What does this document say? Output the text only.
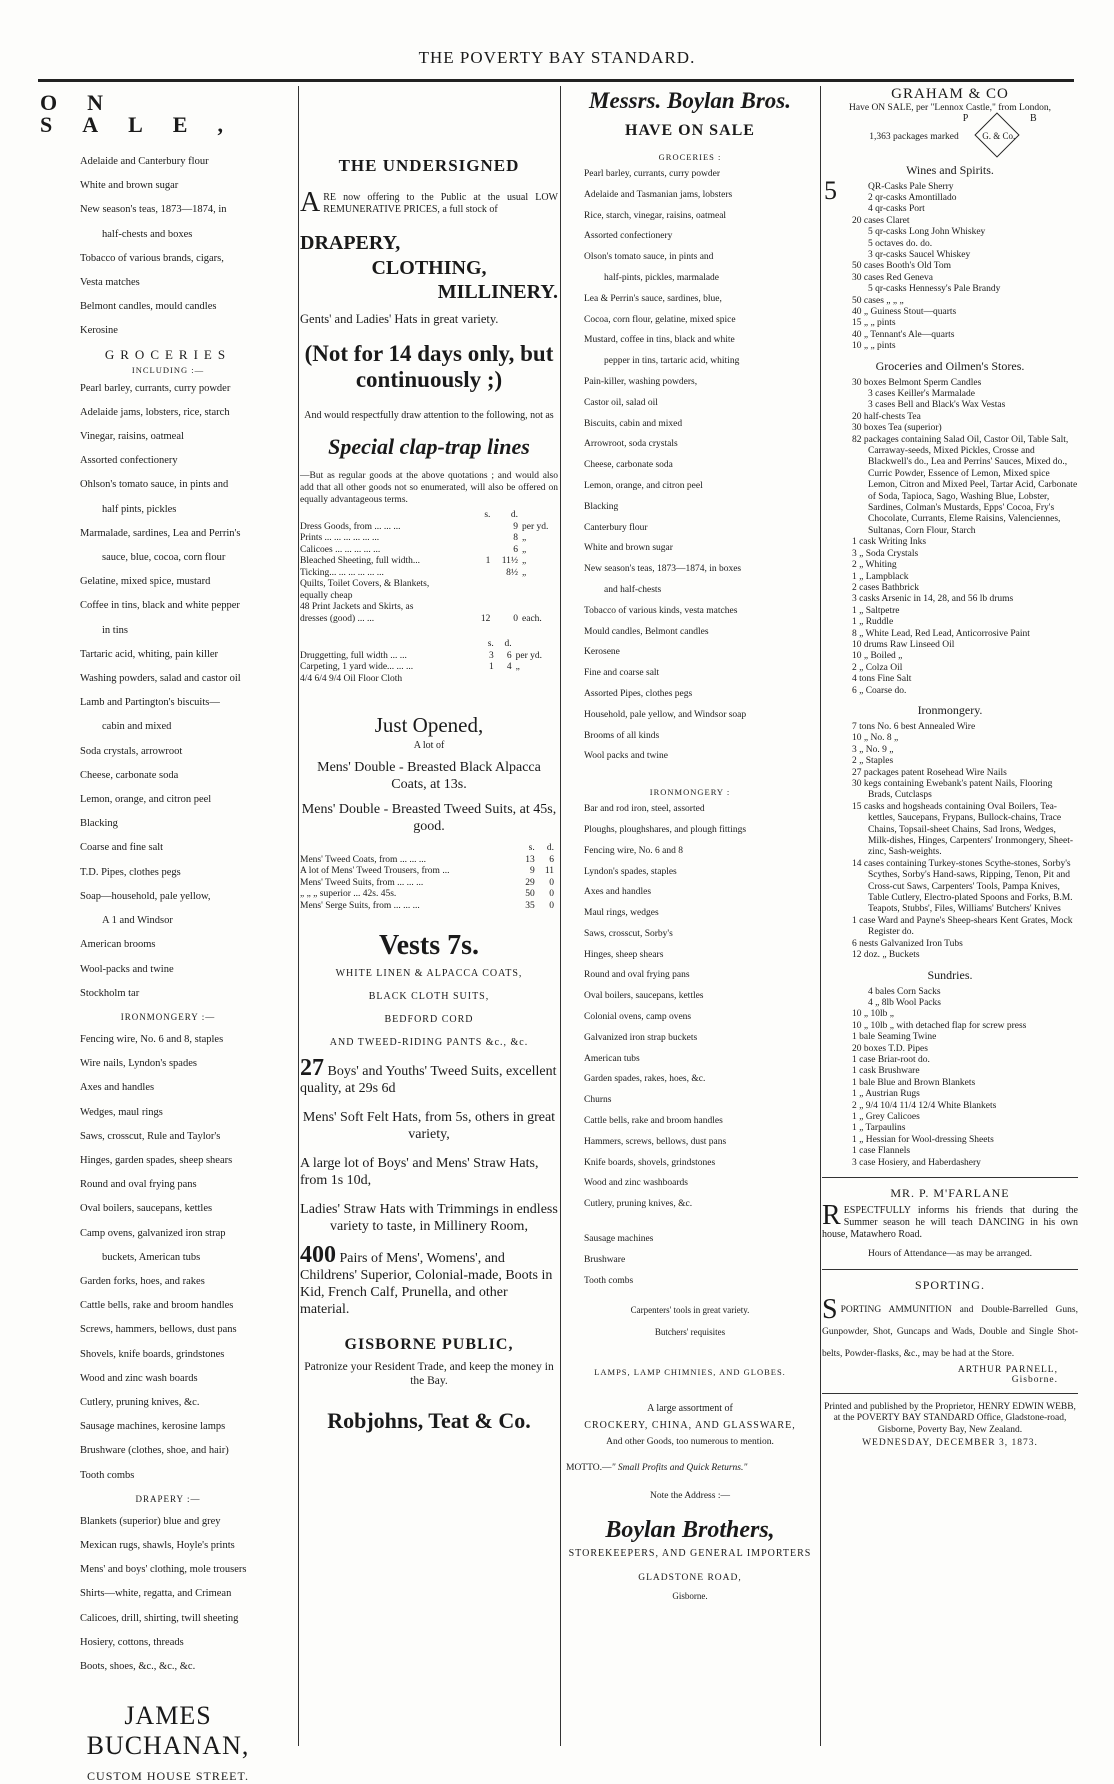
THE POVERTY BAY STANDARD.
ON SALE,
Adelaide and Canterbury flour
White and brown sugar
New season's teas, 1873—1874, in
half-chests and boxes
Tobacco of various brands, cigars,
Vesta matches
Belmont candles, mould candles
Kerosine
GROCERIES
INCLUDING :—
Pearl barley, currants, curry powder
Adelaide jams, lobsters, rice, starch
Vinegar, raisins, oatmeal
Assorted confectionery
Ohlson's tomato sauce, in pints and
half pints, pickles
Marmalade, sardines, Lea and Perrin's
sauce, blue, cocoa, corn flour
Gelatine, mixed spice, mustard
Coffee in tins, black and white pepper
in tins
Tartaric acid, whiting, pain killer
Washing powders, salad and castor oil
Lamb and Partington's biscuits—
cabin and mixed
Soda crystals, arrowroot
Cheese, carbonate soda
Lemon, orange, and citron peel
Blacking
Coarse and fine salt
T.D. Pipes, clothes pegs
Soap—household, pale yellow,
A 1 and Windsor
American brooms
Wool-packs and twine
Stockholm tar
IRONMONGERY :—
Fencing wire, No. 6 and 8, staples
Wire nails, Lyndon's spades
Axes and handles
Wedges, maul rings
Saws, crosscut, Rule and Taylor's
Hinges, garden spades, sheep shears
Round and oval frying pans
Oval boilers, saucepans, kettles
Camp ovens, galvanized iron strap
buckets, American tubs
Garden forks, hoes, and rakes
Cattle bells, rake and broom handles
Screws, hammers, bellows, dust pans
Shovels, knife boards, grindstones
Wood and zinc wash boards
Cutlery, pruning knives, &c.
Sausage machines, kerosine lamps
Brushware (clothes, shoe, and hair)
Tooth combs
DRAPERY :—
Blankets (superior) blue and grey
Mexican rugs, shawls, Hoyle's prints
Mens' and boys' clothing, mole trousers
Shirts—white, regatta, and Crimean
Calicoes, drill, shirting, twill sheeting
Hosiery, cottons, threads
Boots, shoes, &c., &c., &c.
JAMES BUCHANAN,
CUSTOM HOUSE STREET.
THE UNDERSIGNED
ARE now offering to the Public at the usual LOW REMUNERATIVE PRICES, a full stock of
DRAPERY,
CLOTHING,
MILLINERY.
Gents' and Ladies' Hats in great variety.
(Not for 14 days only, but continuously ;)
And would respectfully draw attention to the following, not as
Special clap-trap lines
—But as regular goods at the above quotations ; and would also add that all other goods not so enumerated, will also be offered on equally advantageous terms.
	s.	d.	
Dress Goods, from ... ... ...		9	per yd.
Prints ... ... ... ... ... ...		8	„
Calicoes ... ... ... ... ...		6	„
Bleached Sheeting, full width...	1	11½	„
Ticking... ... ... ... ... ...		8½	„
Quilts, Toilet Covers, & Blankets,			
equally cheap			
48 Print Jackets and Skirts, as			
dresses (good) ... ...	12	0	each.
	s.	d.	
Druggetting, full width ... ...	3	6	per yd.
Carpeting, 1 yard wide... ... ...	1	4	„
4/4 6/4 9/4 Oil Floor Cloth			
Just Opened,
A lot of
Mens' Double - Breasted Black Alpacca Coats, at 13s.
Mens' Double - Breasted Tweed Suits, at 45s, good.
	s.	d.
Mens' Tweed Coats, from ... ... ...	13	6
A lot of Mens' Tweed Trousers, from ...	9	11
Mens' Tweed Suits, from ... ... ...	29	0
„ „ „ superior ... 42s. 45s.	50	0
Mens' Serge Suits, from ... ... ...	35	0
Vests 7s.
WHITE LINEN & ALPACCA COATS,
BLACK CLOTH SUITS,
BEDFORD CORD
AND TWEED-RIDING PANTS &c., &c.
27 Boys' and Youths' Tweed Suits, excellent quality, at 29s 6d
Mens' Soft Felt Hats, from 5s, others in great variety,
A large lot of Boys' and Mens' Straw Hats, from 1s 10d,
Ladies' Straw Hats with Trimmings in endless variety to taste, in Millinery Room,
400 Pairs of Mens', Womens', and Childrens' Superior, Colonial-made, Boots in Kid, French Calf, Prunella, and other material.
GISBORNE PUBLIC,
Patronize your Resident Trade, and keep the money in the Bay.
Robjohns, Teat & Co.
Messrs. Boylan Bros.
HAVE ON SALE
GROCERIES :
Pearl barley, currants, curry powder
Adelaide and Tasmanian jams, lobsters
Rice, starch, vinegar, raisins, oatmeal
Assorted confectionery
Olson's tomato sauce, in pints and
half-pints, pickles, marmalade
Lea & Perrin's sauce, sardines, blue,
Cocoa, corn flour, gelatine, mixed spice
Mustard, coffee in tins, black and white
pepper in tins, tartaric acid, whiting
Pain-killer, washing powders,
Castor oil, salad oil
Biscuits, cabin and mixed
Arrowroot, soda crystals
Cheese, carbonate soda
Lemon, orange, and citron peel
Blacking
Canterbury flour
White and brown sugar
New season's teas, 1873—1874, in boxes
and half-chests
Tobacco of various kinds, vesta matches
Mould candles, Belmont candles
Kerosene
Fine and coarse salt
Assorted Pipes, clothes pegs
Household, pale yellow, and Windsor soap
Brooms of all kinds
Wool packs and twine
IRONMONGERY :
Bar and rod iron, steel, assorted
Ploughs, ploughshares, and plough fittings
Fencing wire, No. 6 and 8
Lyndon's spades, staples
Axes and handles
Maul rings, wedges
Saws, crosscut, Sorby's
Hinges, sheep shears
Round and oval frying pans
Oval boilers, saucepans, kettles
Colonial ovens, camp ovens
Galvanized iron strap buckets
American tubs
Garden spades, rakes, hoes, &c.
Churns
Cattle bells, rake and broom handles
Hammers, screws, bellows, dust pans
Knife boards, shovels, grindstones
Wood and zinc washboards
Cutlery, pruning knives, &c.
Sausage machines
Brushware
Tooth combs
Carpenters' tools in great variety.
Butchers' requisites
LAMPS, LAMP CHIMNIES, AND GLOBES.
A large assortment of
CROCKERY, CHINA, AND GLASSWARE,
And other Goods, too numerous to mention.
MOTTO.—" Small Profits and Quick Returns."
Note the Address :—
Boylan Brothers,
STOREKEEPERS, AND GENERAL IMPORTERS
GLADSTONE ROAD,
Gisborne.
GRAHAM & CO
Have ON SALE, per "Lennox Castle," from London,
1,363 packages marked
P	B
G. & Co.
Wines and Spirits.
5	QR-Casks Pale Sherry
2 qr-casks Amontillado
4 qr-casks Port
20 cases Claret
5 qr-casks Long John Whiskey
5 octaves do. do.
3 qr-casks Saucel Whiskey
50 cases Booth's Old Tom
30 cases Red Geneva
5 qr-casks Hennessy's Pale Brandy
50 cases „ „ „
40 „ Guiness Stout—quarts
15 „ „ pints
40 „ Tennant's Ale—quarts
10 „ „ pints
Groceries and Oilmen's Stores.
30 boxes Belmont Sperm Candles
3 cases Keiller's Marmalade
3 cases Bell and Black's Wax Vestas
20 half-chests Tea
30 boxes Tea (superior)
82 packages containing Salad Oil, Castor Oil, Table Salt, Carraway-seeds, Mixed Pickles, Crosse and Blackwell's do., Lea and Perrins' Sauces, Mixed do., Curric Powder, Essence of Lemon, Mixed spice Lemon, Citron and Mixed Peel, Tartar Acid, Carbonate of Soda, Tapioca, Sago, Washing Blue, Lobster, Sardines, Colman's Mustards, Epps' Cocoa, Fry's Chocolate, Currants, Eleme Raisins, Valenciennes, Sultanas, Corn Flour, Starch
1 cask Writing Inks
3 „ Soda Crystals
2 „ Whiting
1 „ Lampblack
2 cases Bathbrick
3 casks Arsenic in 14, 28, and 56 lb drums
1 „ Saltpetre
1 „ Ruddle
8 „ White Lead, Red Lead, Anticorrosive Paint
10 drums Raw Linseed Oil
10 „ Boiled „
2 „ Colza Oil
4 tons Fine Salt
6 „ Coarse do.
Ironmongery.
7 tons No. 6 best Annealed Wire
10 „ No. 8 „
3 „ No. 9 „
2 „ Staples
27 packages patent Rosehead Wire Nails
30 kegs containing Ewebank's patent Nails, Flooring Brads, Cutclasps
15 casks and hogsheads containing Oval Boilers, Tea-kettles, Saucepans, Frypans, Bullock-chains, Trace Chains, Topsail-sheet Chains, Sad Irons, Wedges, Milk-dishes, Hinges, Carpenters' Ironmongery, Sheet-zinc, Sash-weights.
14 cases containing Turkey-stones Scythe-stones, Sorby's Scythes, Sorby's Hand-saws, Ripping, Tenon, Pit and Cross-cut Saws, Carpenters' Tools, Pampa Knives, Table Cutlery, Electro-plated Spoons and Forks, B.M. Teapots, Stubbs', Files, Williams' Butchers' Knives
1 case Ward and Payne's Sheep-shears Kent Grates, Mock Register do.
6 nests Galvanized Iron Tubs
12 doz. „ Buckets
Sundries.
4 bales Corn Sacks
4 „ 8lb Wool Packs
10 „ 10lb „
10 „ 10lb „ with detached flap for screw press
1 bale Seaming Twine
20 boxes T.D. Pipes
1 case Briar-root do.
1 cask Brushware
1 bale Blue and Brown Blankets
1 „ Austrian Rugs
2 „ 9/4 10/4 11/4 12/4 White Blankets
1 „ Grey Calicoes
1 „ Tarpaulins
1 „ Hessian for Wool-dressing Sheets
1 case Flannels
3 case Hosiery, and Haberdashery
MR. P. M'FARLANE
RESPECTFULLY informs his friends that during the Summer season he will teach DANCING in his own house, Matawhero Road.
Hours of Attendance—as may be arranged.
SPORTING.
SPORTING AMMUNITION and Double-Barrelled Guns, Gunpowder, Shot, Guncaps and Wads, Double and Single Shot-belts, Powder-flasks, &c., may be had at the Store.
ARTHUR PARNELL,
Gisborne.
Printed and published by the Proprietor, HENRY EDWIN WEBB, at the POVERTY BAY STANDARD Office, Gladstone-road, Gisborne, Poverty Bay, New Zealand.
WEDNESDAY, DECEMBER 3, 1873.
